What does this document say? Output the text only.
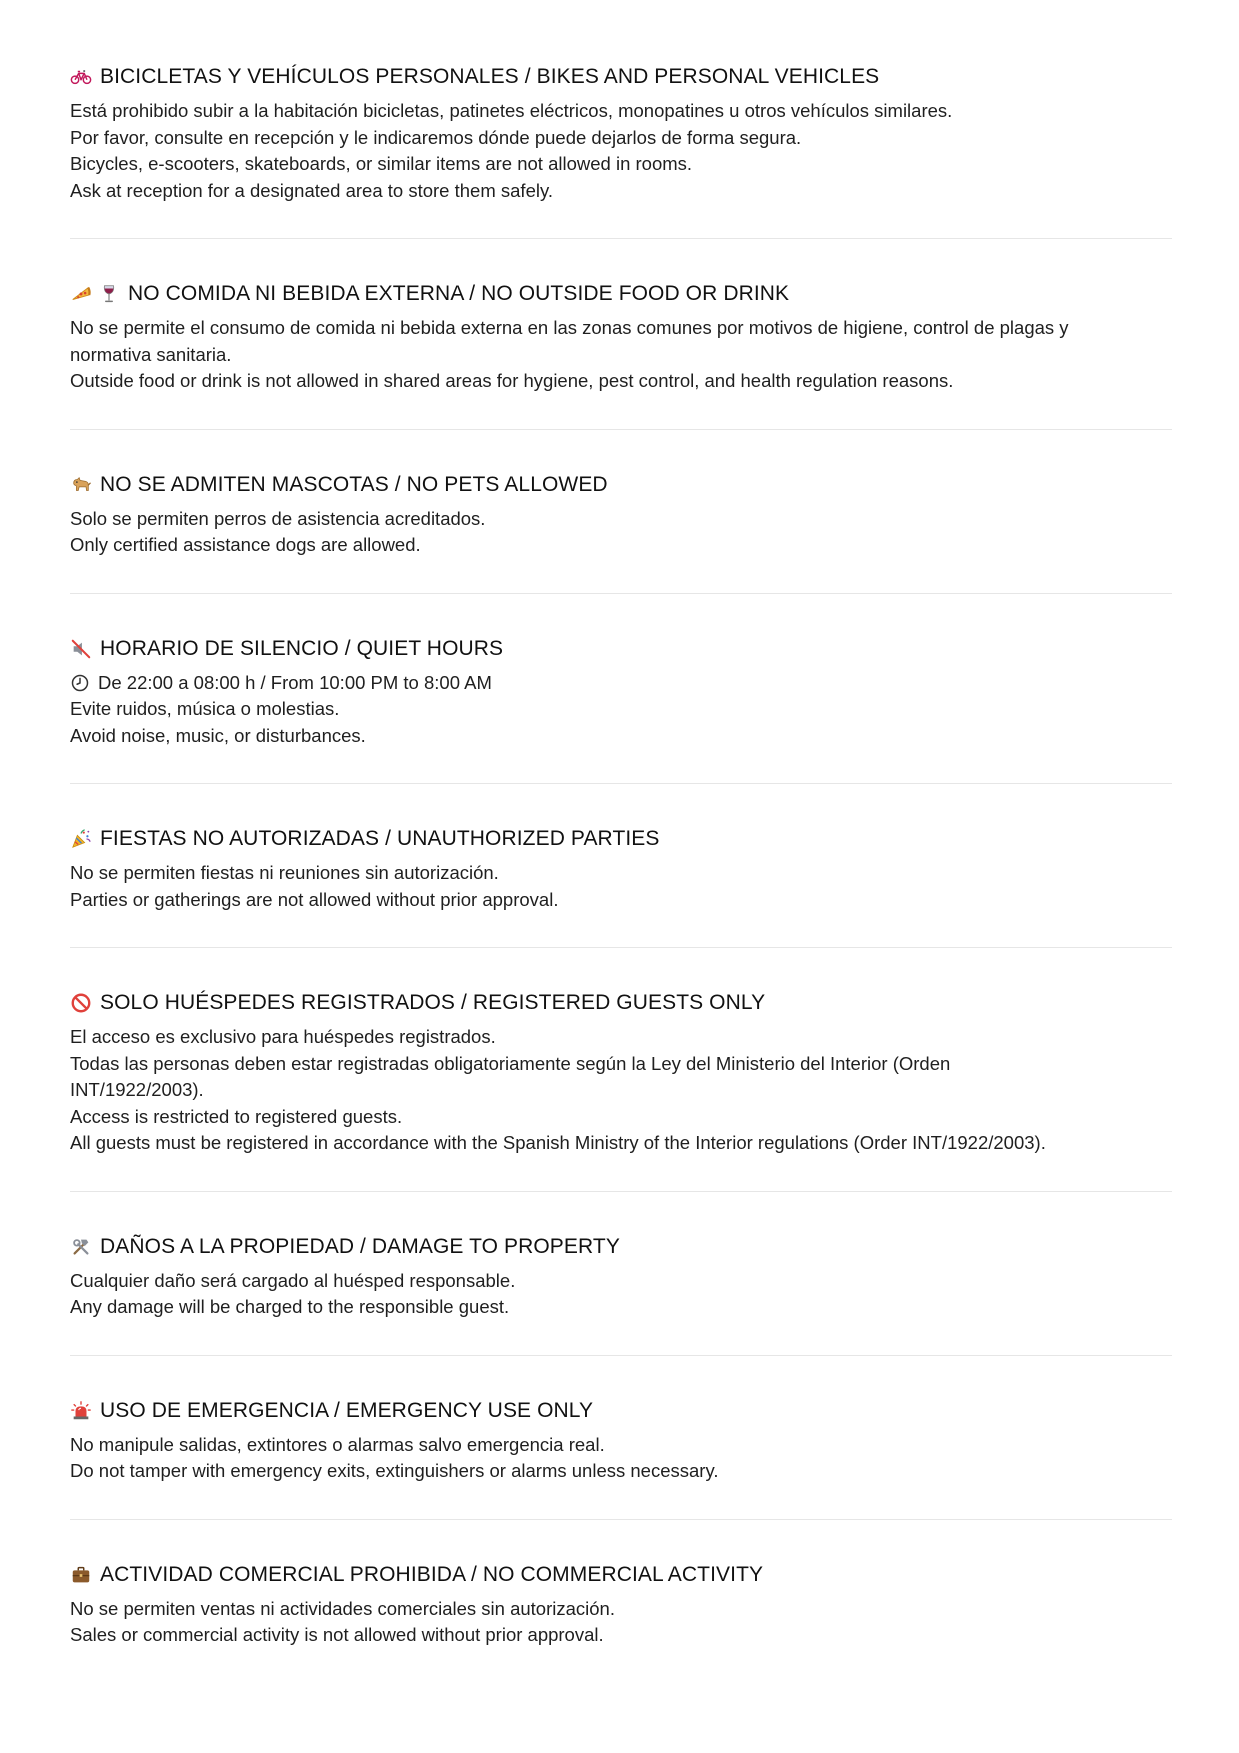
BICICLETAS Y VEHÍCULOS PERSONALES / BIKES AND PERSONAL VEHICLES
Está prohibido subir a la habitación bicicletas, patinetes eléctricos, monopatines u otros vehículos similares.
Por favor, consulte en recepción y le indicaremos dónde puede dejarlos de forma segura.
Bicycles, e-scooters, skateboards, or similar items are not allowed in rooms.
Ask at reception for a designated area to store them safely.
NO COMIDA NI BEBIDA EXTERNA / NO OUTSIDE FOOD OR DRINK
No se permite el consumo de comida ni bebida externa en las zonas comunes por motivos de higiene, control de plagas y
normativa sanitaria.
Outside food or drink is not allowed in shared areas for hygiene, pest control, and health regulation reasons.
NO SE ADMITEN MASCOTAS / NO PETS ALLOWED
Solo se permiten perros de asistencia acreditados.
Only certified assistance dogs are allowed.
HORARIO DE SILENCIO / QUIET HOURS
De 22:00 a 08:00 h / From 10:00 PM to 8:00 AM
Evite ruidos, música o molestias.
Avoid noise, music, or disturbances.
FIESTAS NO AUTORIZADAS / UNAUTHORIZED PARTIES
No se permiten fiestas ni reuniones sin autorización.
Parties or gatherings are not allowed without prior approval.
SOLO HUÉSPEDES REGISTRADOS / REGISTERED GUESTS ONLY
El acceso es exclusivo para huéspedes registrados.
Todas las personas deben estar registradas obligatoriamente según la Ley del Ministerio del Interior (Orden
INT/1922/2003).
Access is restricted to registered guests.
All guests must be registered in accordance with the Spanish Ministry of the Interior regulations (Order INT/1922/2003).
DAÑOS A LA PROPIEDAD / DAMAGE TO PROPERTY
Cualquier daño será cargado al huésped responsable.
Any damage will be charged to the responsible guest.
USO DE EMERGENCIA / EMERGENCY USE ONLY
No manipule salidas, extintores o alarmas salvo emergencia real.
Do not tamper with emergency exits, extinguishers or alarms unless necessary.
ACTIVIDAD COMERCIAL PROHIBIDA / NO COMMERCIAL ACTIVITY
No se permiten ventas ni actividades comerciales sin autorización.
Sales or commercial activity is not allowed without prior approval.
